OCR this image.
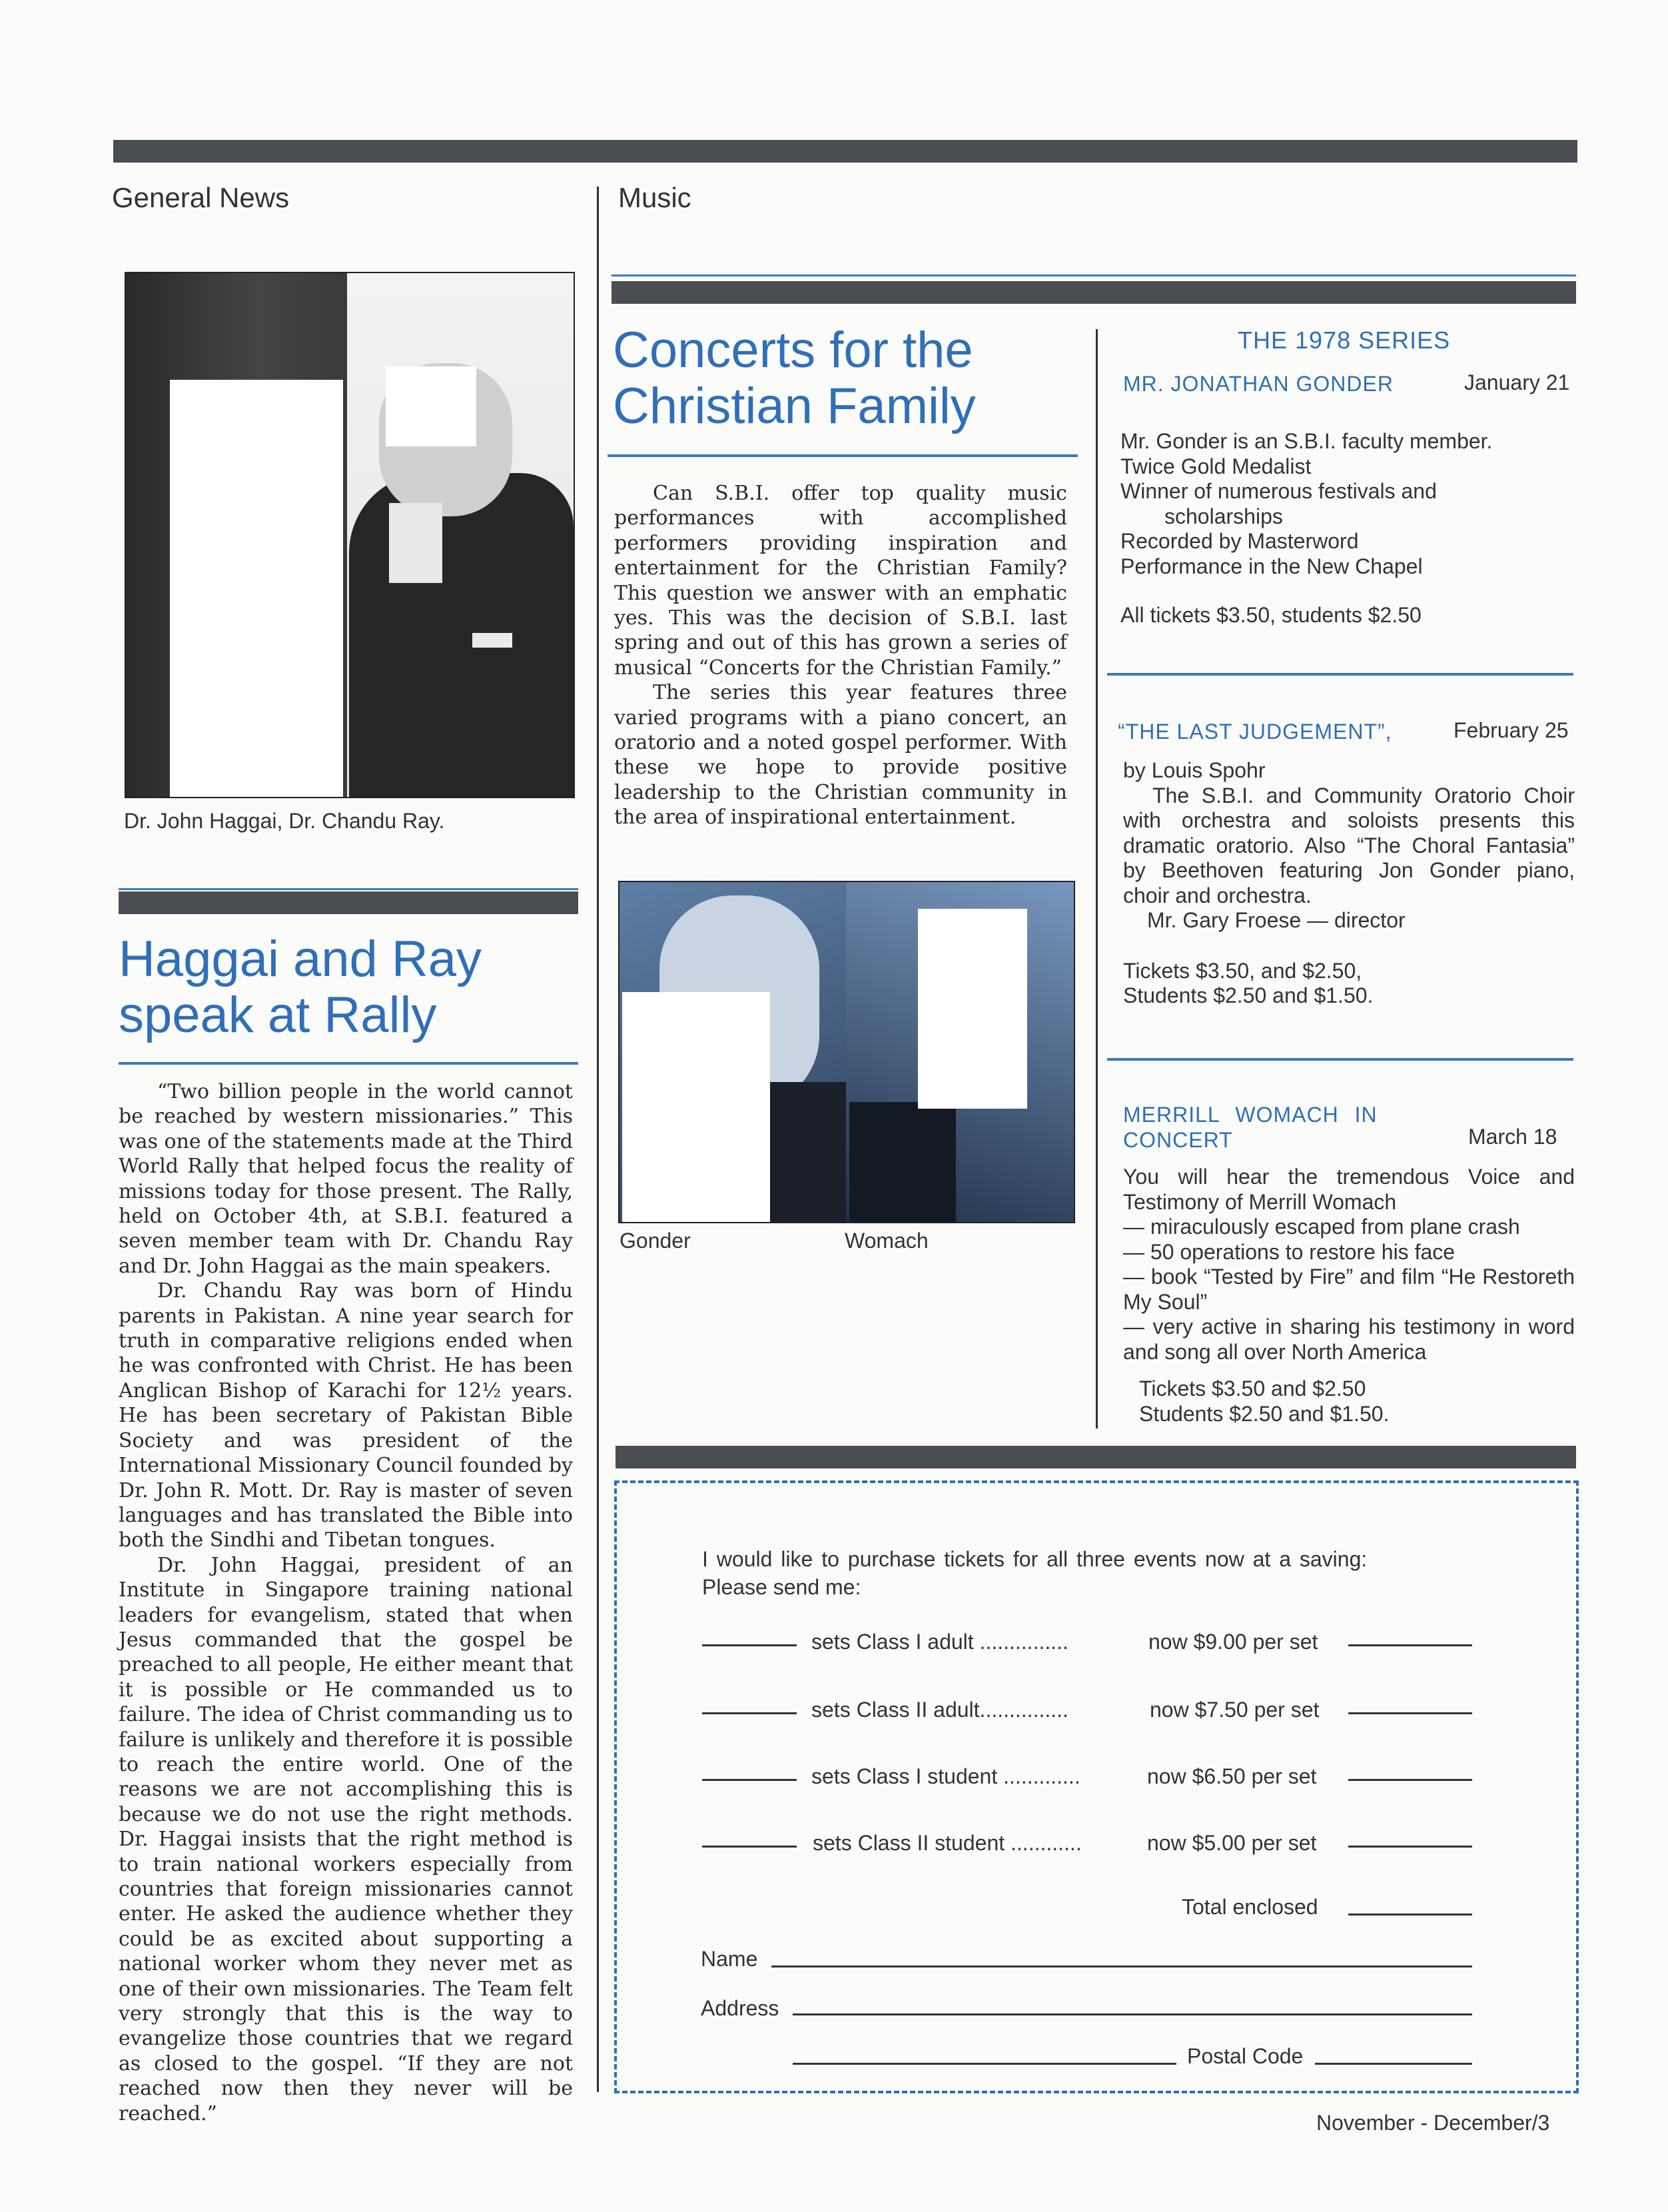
General News	Music
Dr. John Haggai, Dr. Chandu Ray.
Haggai and Ray
speak at Rally

“Two billion people in the world cannot be reached by western missionaries.” This was one of the statements made at the Third World Rally that helped focus the reality of missions today for those present. The Rally, held on October 4th, at S.B.I. featured a seven member team with Dr. Chandu Ray and Dr. John Haggai as the main speakers.

Dr. Chandu Ray was born of Hindu parents in Pakistan. A nine year search for truth in comparative religions ended when he was confronted with Christ. He has been Anglican Bishop of Karachi for 12½ years. He has been secretary of Pakistan Bible Society and was president of the International Missionary Council founded by Dr. John R. Mott. Dr. Ray is master of seven languages and has translated the Bible into both the Sindhi and Tibetan tongues.

Dr. John Haggai, president of an Institute in Singapore training national leaders for evangelism, stated that when Jesus commanded that the gospel be preached to all people, He either meant that it is possible or He commanded us to failure. The idea of Christ commanding us to failure is unlikely and therefore it is possible to reach the entire world. One of the reasons we are not accomplishing this is because we do not use the right methods. Dr. Haggai insists that the right method is to train national workers especially from countries that foreign missionaries cannot enter. He asked the audience whether they could be as excited about supporting a national worker whom they never met as one of their own missionaries. The Team felt very strongly that this is the way to evangelize those countries that we regard as closed to the gospel. “If they are not reached now then they never will be reached.”

Concerts for the
Christian Family

Can S.B.I. offer top quality music performances with accomplished performers providing inspiration and entertainment for the Christian Family? This question we answer with an emphatic yes. This was the decision of S.B.I. last spring and out of this has grown a series of musical “Concerts for the Christian Family.”

The series this year features three varied programs with a piano concert, an oratorio and a noted gospel performer. With these we hope to provide positive leadership to the Christian community in the area of inspirational entertainment.

Gonder	Womach
THE 1978 SERIES
MR. JONATHAN GONDER	January 21
Mr. Gonder is an S.B.I. faculty member.
Twice Gold Medalist
Winner of numerous festivals and
scholarships
Recorded by Masterword
Performance in the New Chapel
All tickets $3.50, students $2.50
“THE LAST JUDGEMENT”,	February 25
by Louis Spohr
The S.B.I. and Community Oratorio Choir with orchestra and soloists presents this dramatic oratorio. Also “The Choral Fantasia” by Beethoven featuring Jon Gonder piano, choir and orchestra.
Mr. Gary Froese — director
Tickets $3.50, and $2.50,
Students $2.50 and $1.50.
MERRILL WOMACH IN
CONCERT	March 18
You will hear the tremendous Voice and Testimony of Merrill Womach
— miraculously escaped from plane crash
— 50 operations to restore his face
— book “Tested by Fire” and film “He Restoreth My Soul”
— very active in sharing his testimony in word and song all over North America
Tickets $3.50 and $2.50
Students $2.50 and $1.50.
I would like to purchase tickets for all three events now at a saving:
Please send me:
sets Class I adult ...............	now $9.00 per set
sets Class II adult...............	now $7.50 per set
sets Class I student .............	now $6.50 per set
sets Class II student ............	now $5.00 per set
Total enclosed
Name
Address
Postal Code
November - December/3
